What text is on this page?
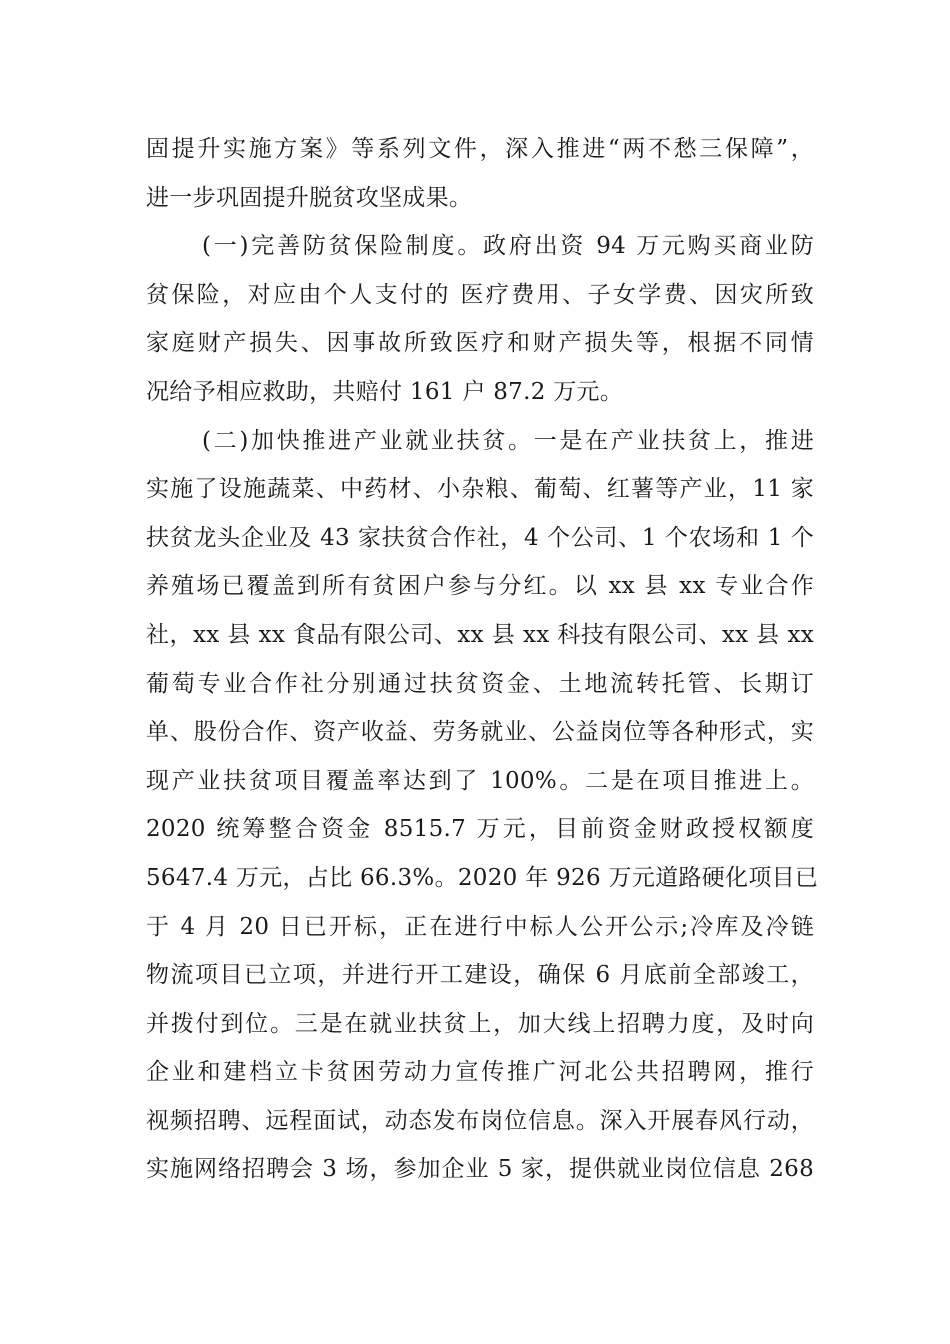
固提升实施方案》等系列文件，深入推进“两不愁三保障”，
进一步巩固提升脱贫攻坚成果。
(一)完善防贫保险制度。政府出资 94 万元购买商业防
贫保险，对应由个人支付的 医疗费用、子女学费、因灾所致
家庭财产损失、因事故所致医疗和财产损失等，根据不同情
况给予相应救助，共赔付 161 户 87.2 万元。
(二)加快推进产业就业扶贫。一是在产业扶贫上，推进
实施了设施蔬菜、中药材、小杂粮、葡萄、红薯等产业，11 家
扶贫龙头企业及 43 家扶贫合作社，4 个公司、1 个农场和 1 个
养殖场已覆盖到所有贫困户参与分红。以 xx 县 xx 专业合作
社，xx 县 xx 食品有限公司、xx 县 xx 科技有限公司、xx 县 xx
葡萄专业合作社分别通过扶贫资金、土地流转托管、长期订
单、股份合作、资产收益、劳务就业、公益岗位等各种形式，实
现产业扶贫项目覆盖率达到了 100%。二是在项目推进上。
2020 统筹整合资金 8515.7 万元，目前资金财政授权额度
5647.4 万元，占比 66.3%。2020 年 926 万元道路硬化项目已
于 4 月 20 日已开标，正在进行中标人公开公示;冷库及冷链
物流项目已立项，并进行开工建设，确保 6 月底前全部竣工，
并拨付到位。三是在就业扶贫上，加大线上招聘力度，及时向
企业和建档立卡贫困劳动力宣传推广河北公共招聘网，推行
视频招聘、远程面试，动态发布岗位信息。深入开展春风行动，
实施网络招聘会 3 场，参加企业 5 家，提供就业岗位信息 268
